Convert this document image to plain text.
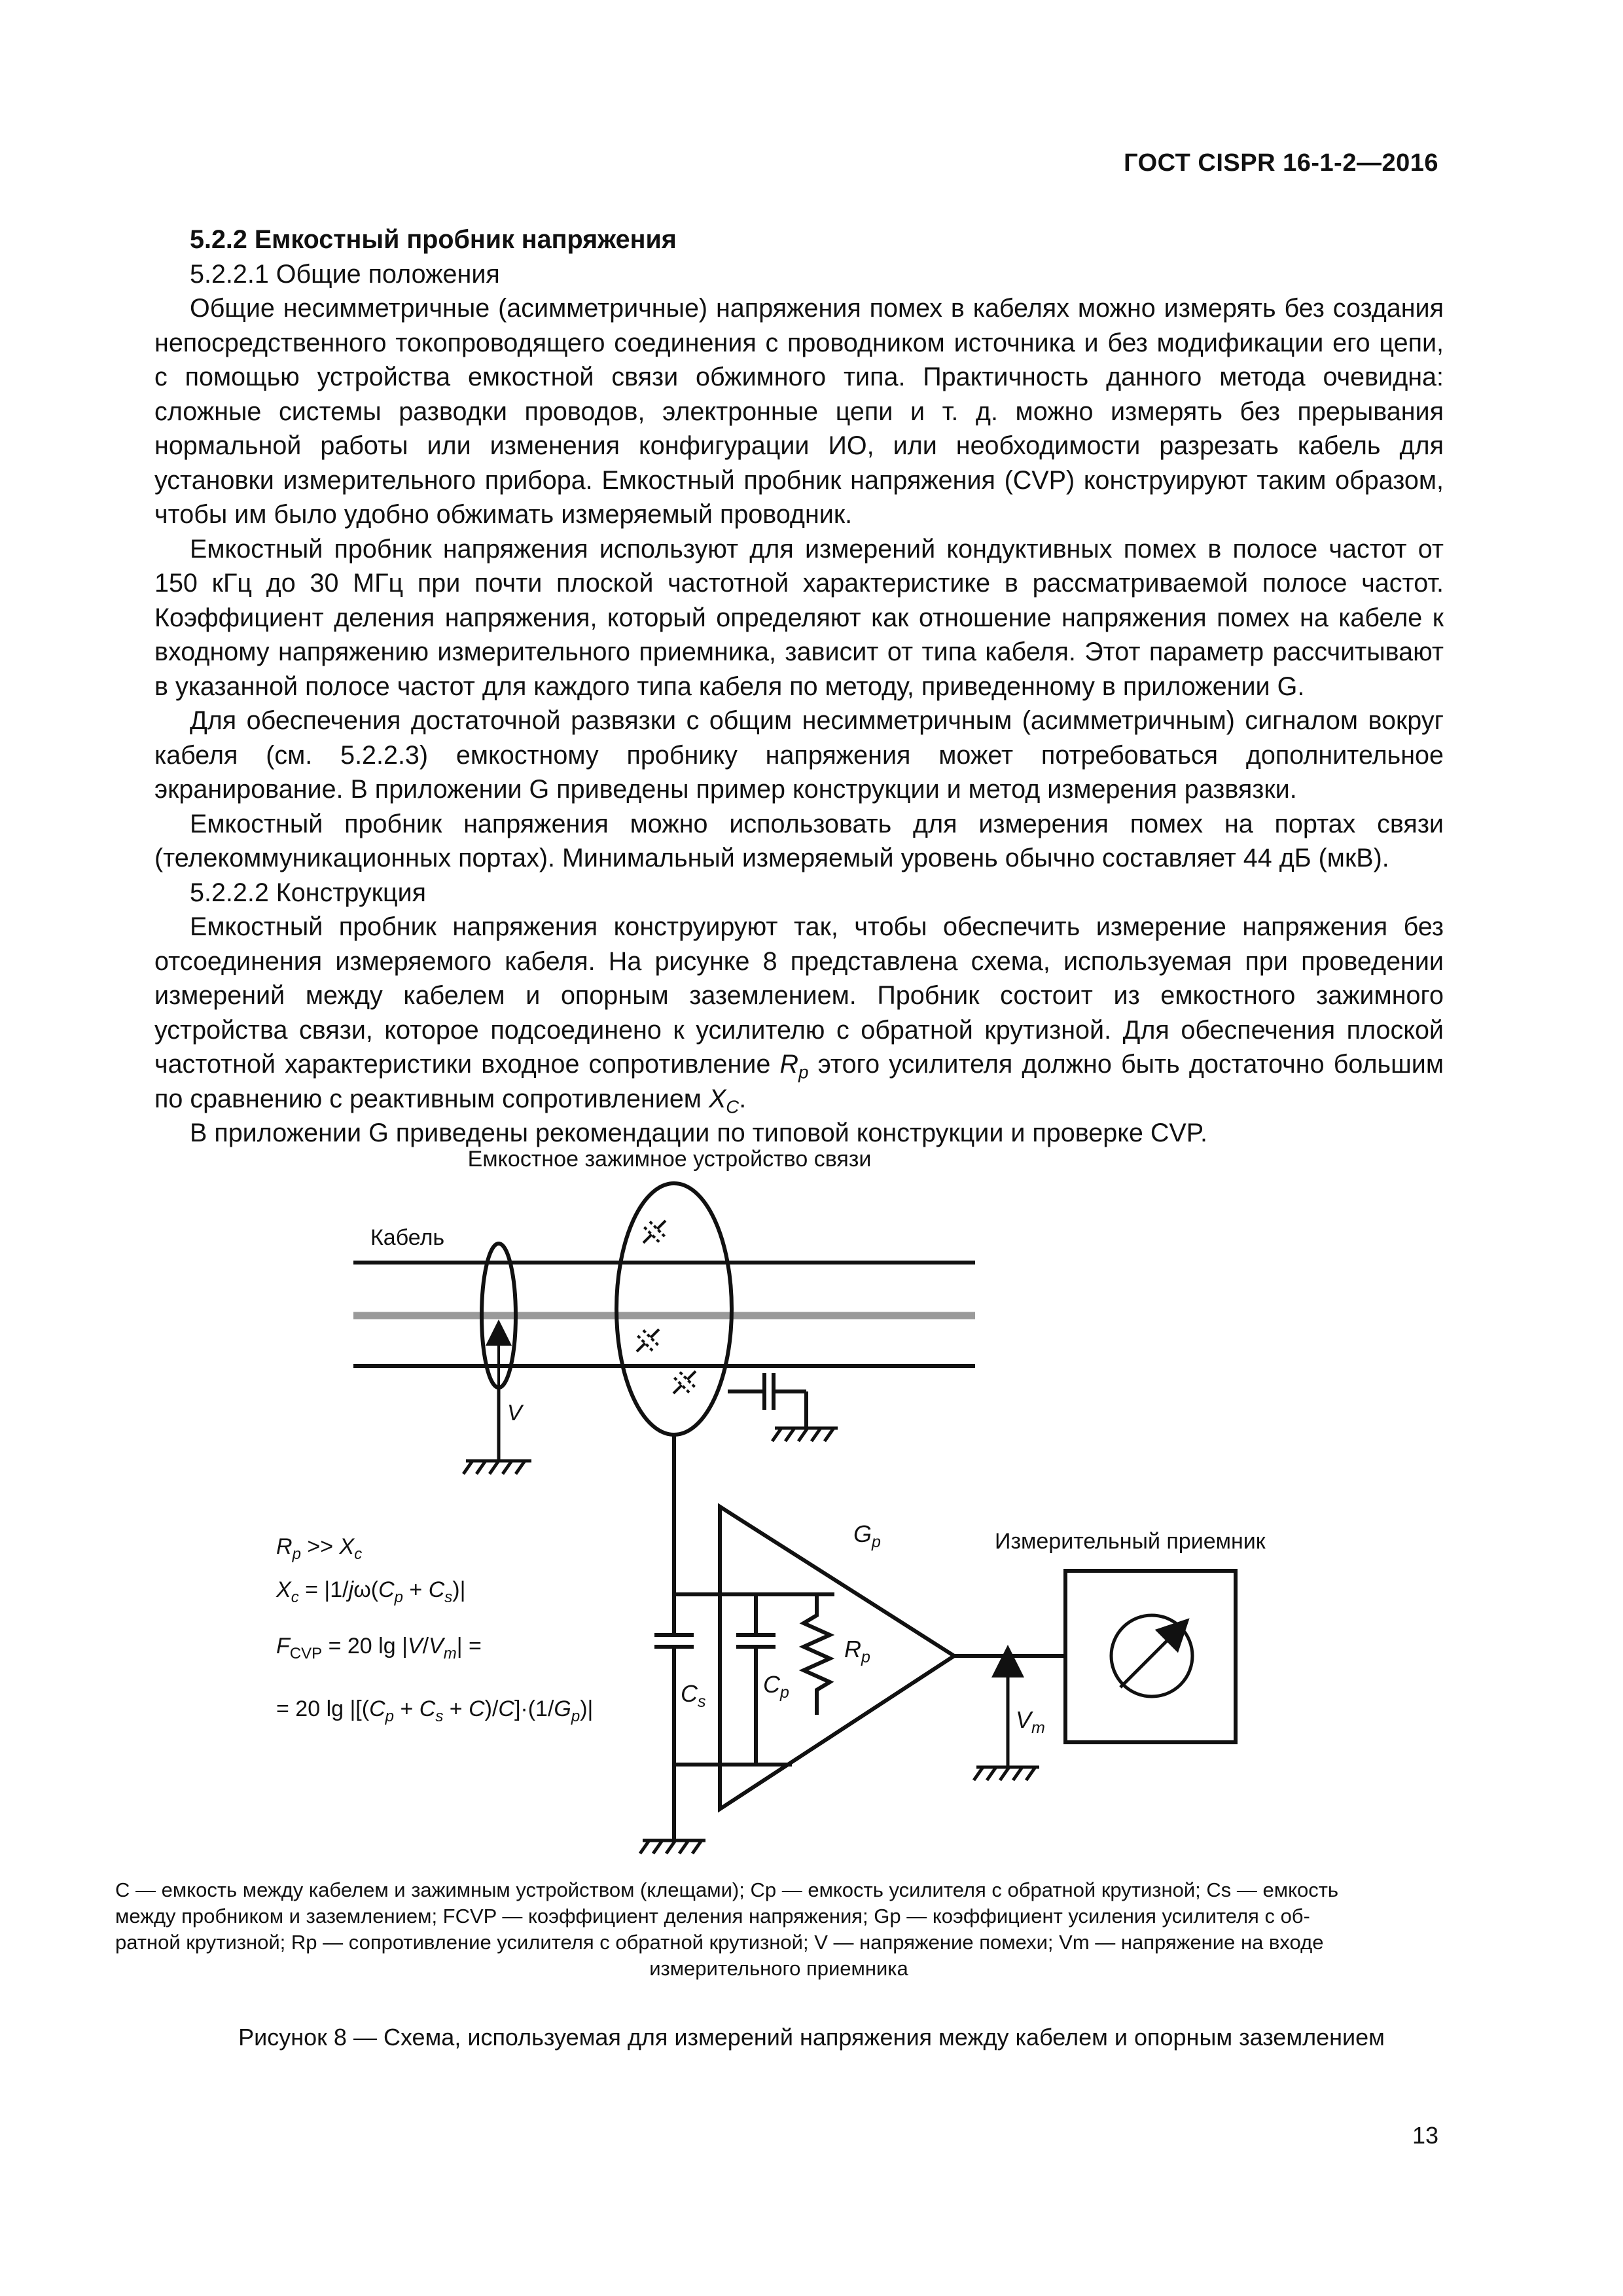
ГОСТ CISPR 16-1-2—2016

5.2.2 Емкостный пробник напряжения

5.2.2.1 Общие положения

Общие несимметричные (асимметричные) напряжения помех в кабелях можно измерять без создания непосредственного токопроводящего соединения с проводником источника и без модификации его цепи, с помощью устройства емкостной связи обжимного типа. Практичность данного метода очевидна: сложные системы разводки проводов, электронные цепи и т. д. можно измерять без прерывания нормальной работы или изменения конфигурации ИО, или необходимости разрезать кабель для установки измерительного прибора. Емкостный пробник напряжения (CVP) конструируют таким образом, чтобы им было удобно обжимать измеряемый проводник.

Емкостный пробник напряжения используют для измерений кондуктивных помех в полосе частот от 150 кГц до 30 МГц при почти плоской частотной характеристике в рассматриваемой полосе частот. Коэффициент деления напряжения, который определяют как отношение напряжения помех на кабеле к входному напряжению измерительного приемника, зависит от типа кабеля. Этот параметр рассчитывают в указанной полосе частот для каждого типа кабеля по методу, приведенному в приложении G.

Для обеспечения достаточной развязки с общим несимметричным (асимметричным) сигналом вокруг кабеля (см. 5.2.2.3) емкостному пробнику напряжения может потребоваться дополнительное экранирование. В приложении G приведены пример конструкции и метод измерения развязки.

Емкостный пробник напряжения можно использовать для измерения помех на портах связи (телекоммуникационных портах). Минимальный измеряемый уровень обычно составляет 44 дБ (мкВ).

5.2.2.2 Конструкция

Емкостный пробник напряжения конструируют так, чтобы обеспечить измерение напряжения без отсоединения измеряемого кабеля. На рисунке 8 представлена схема, используемая при проведении измерений между кабелем и опорным заземлением. Пробник состоит из емкостного зажимного устройства связи, которое подсоединено к усилителю с обратной крутизной. Для обеспечения плоской частотной характеристики входное сопротивление $R_p$ этого усилителя должно быть достаточно большим по сравнению с реактивным сопротивлением $X_C$.

В приложении G приведены рекомендации по типовой конструкции и проверке CVP.

Емкостное зажимное устройство связи
Кабель
V
$C_s$
$C_p$
$R_p$
$G_p$
$V_m$
Измерительный приемник
$R_p >> X_c$
$X_c = |1/j\omega(C_p + C_s)|$
$F_{CVP} = 20$ $\lg |V/V_m|$ =
= 20 $\lg |[(C_p + C_s + C)/C]\cdot(1/G_p)|$
C — емкость между кабелем и зажимным устройством (клещами); Cp — емкость усилителя с обратной крутизной; Cs — емкость
между пробником и заземлением; FCVP — коэффициент деления напряжения; Gp — коэффициент усиления усилителя с об-
ратной крутизной; Rp — сопротивление усилителя с обратной крутизной; V — напряжение помехи; Vm — напряжение на входе
измерительного приемника
Рисунок 8 — Схема, используемая для измерений напряжения между кабелем и опорным заземлением
13
